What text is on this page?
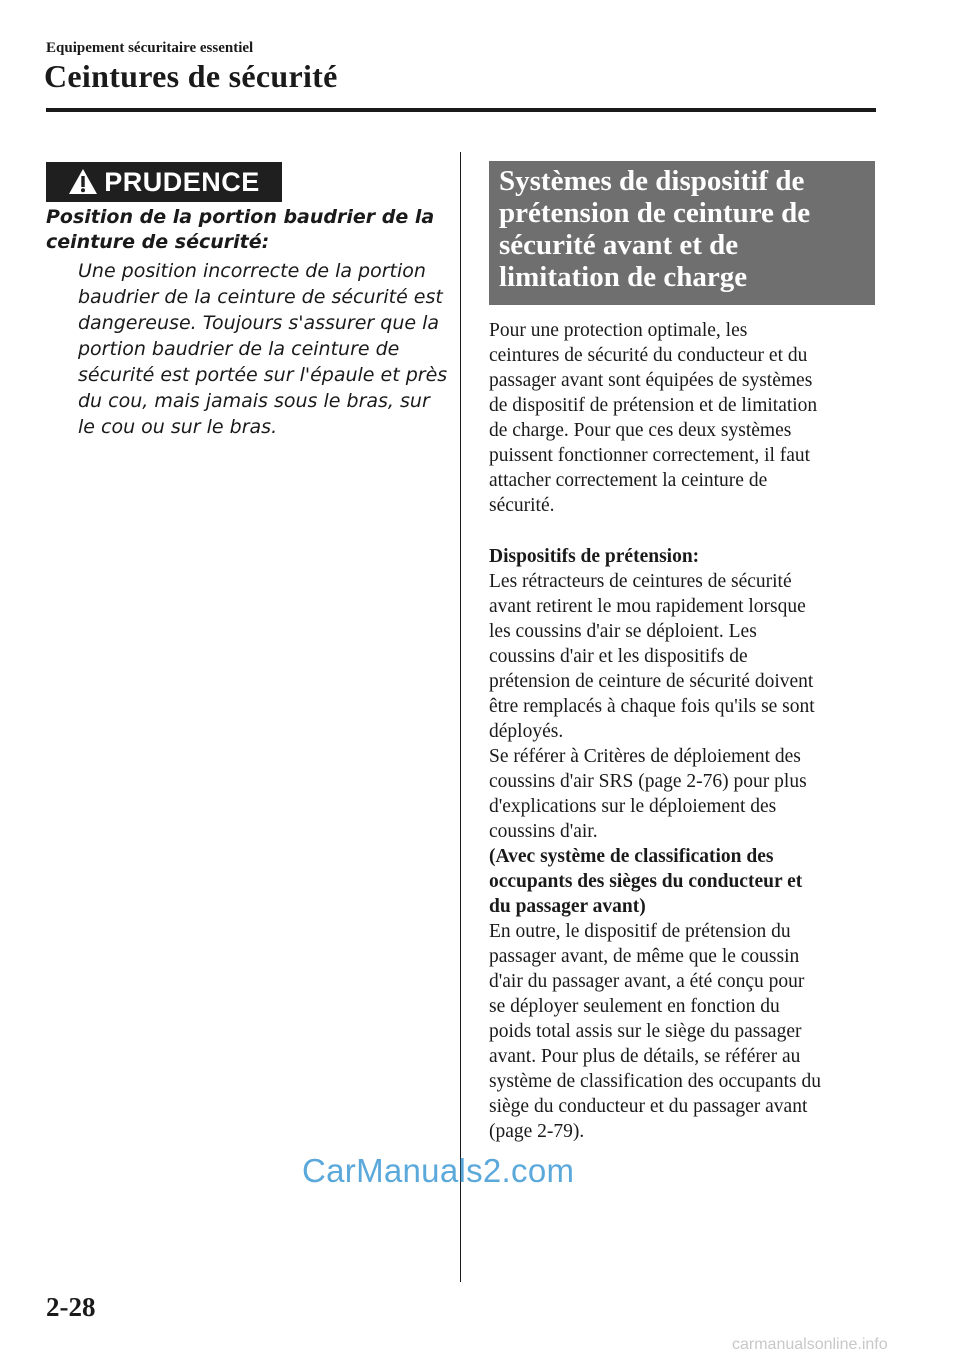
Equipement sécuritaire essentiel
Ceintures de sécurité
PRUDENCE
Position de la portion baudrier de la
ceinture de sécurité:
Une position incorrecte de la portion
baudrier de la ceinture de sécurité est
dangereuse. Toujours s'assurer que la
portion baudrier de la ceinture de
sécurité est portée sur l'épaule et près
du cou, mais jamais sous le bras, sur
le cou ou sur le bras.
Systèmes de dispositif de
prétension de ceinture de
sécurité avant et de
limitation de charge
Pour une protection optimale, les
ceintures de sécurité du conducteur et du
passager avant sont équipées de systèmes
de dispositif de prétension et de limitation
de charge. Pour que ces deux systèmes
puissent fonctionner correctement, il faut
attacher correctement la ceinture de
sécurité.
Dispositifs de prétension:
Les rétracteurs de ceintures de sécurité
avant retirent le mou rapidement lorsque
les coussins d'air se déploient. Les
coussins d'air et les dispositifs de
prétension de ceinture de sécurité doivent
être remplacés à chaque fois qu'ils se sont
déployés.
Se référer à Critères de déploiement des
coussins d'air SRS (page 2-76) pour plus
d'explications sur le déploiement des
coussins d'air.
(Avec système de classification des
occupants des sièges du conducteur et
du passager avant)
En outre, le dispositif de prétension du
passager avant, de même que le coussin
d'air du passager avant, a été conçu pour
se déployer seulement en fonction du
poids total assis sur le siège du passager
avant. Pour plus de détails, se référer au
système de classification des occupants du
siège du conducteur et du passager avant
(page 2-79).
CarManuals2.com
2-28
carmanualsonline.info
